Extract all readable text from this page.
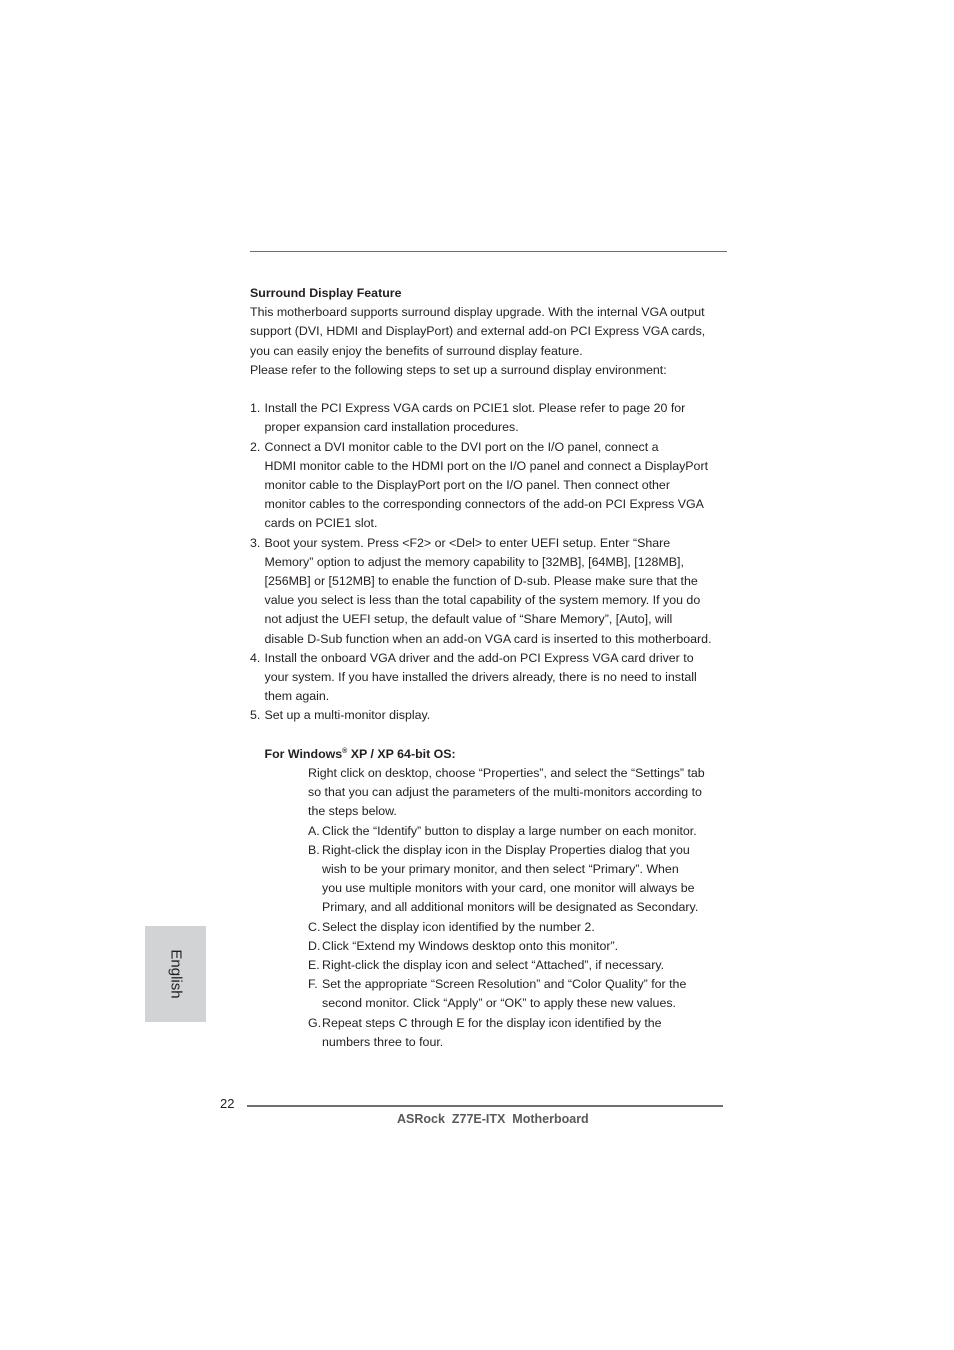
Surround Display Feature

This motherboard supports surround display upgrade. With the internal VGA output
support (DVI, HDMI and DisplayPort) and external add-on PCI Express VGA cards,
you can easily enjoy the benefits of surround display feature.
Please refer to the following steps to set up a surround display environment:
1. Install the PCI Express VGA cards on PCIE1 slot. Please refer to page 20 for
proper expansion card installation procedures.
2. Connect a DVI monitor cable to the DVI port on the I/O panel, connect a
HDMI monitor cable to the HDMI port on the I/O panel and connect a DisplayPort
monitor cable to the DisplayPort port on the I/O panel. Then connect other
monitor cables to the corresponding connectors of the add-on PCI Express VGA
cards on PCIE1 slot.
3. Boot your system. Press <F2> or <Del> to enter UEFI setup. Enter “Share
Memory” option to adjust the memory capability to [32MB], [64MB], [128MB],
[256MB] or [512MB] to enable the function of D-sub. Please make sure that the
value you select is less than the total capability of the system memory. If you do
not adjust the UEFI setup, the default value of “Share Memory”, [Auto], will
disable D-Sub function when an add-on VGA card is inserted to this motherboard.
4. Install the onboard VGA driver and the add-on PCI Express VGA card driver to
your system. If you have installed the drivers already, there is no need to install
them again.
5. Set up a multi-monitor display.

For Windows® XP / XP 64-bit OS:

Right click on desktop, choose “Properties”, and select the “Settings” tab
so that you can adjust the parameters of the multi-monitors according to
the steps below.
A. Click the “Identify” button to display a large number on each monitor.
B. Right-click the display icon in the Display Properties dialog that you
wish to be your primary monitor, and then select “Primary”. When
you use multiple monitors with your card, one monitor will always be
Primary, and all additional monitors will be designated as Secondary.
C. Select the display icon identified by the number 2.
D. Click “Extend my Windows desktop onto this monitor”.
E. Right-click the display icon and select “Attached”, if necessary.
F. Set the appropriate “Screen Resolution” and “Color Quality” for the
second monitor. Click “Apply” or “OK” to apply these new values.
G. Repeat steps C through E for the display icon identified by the
numbers three to four.
English
22
ASRock  Z77E-ITX  Motherboard
